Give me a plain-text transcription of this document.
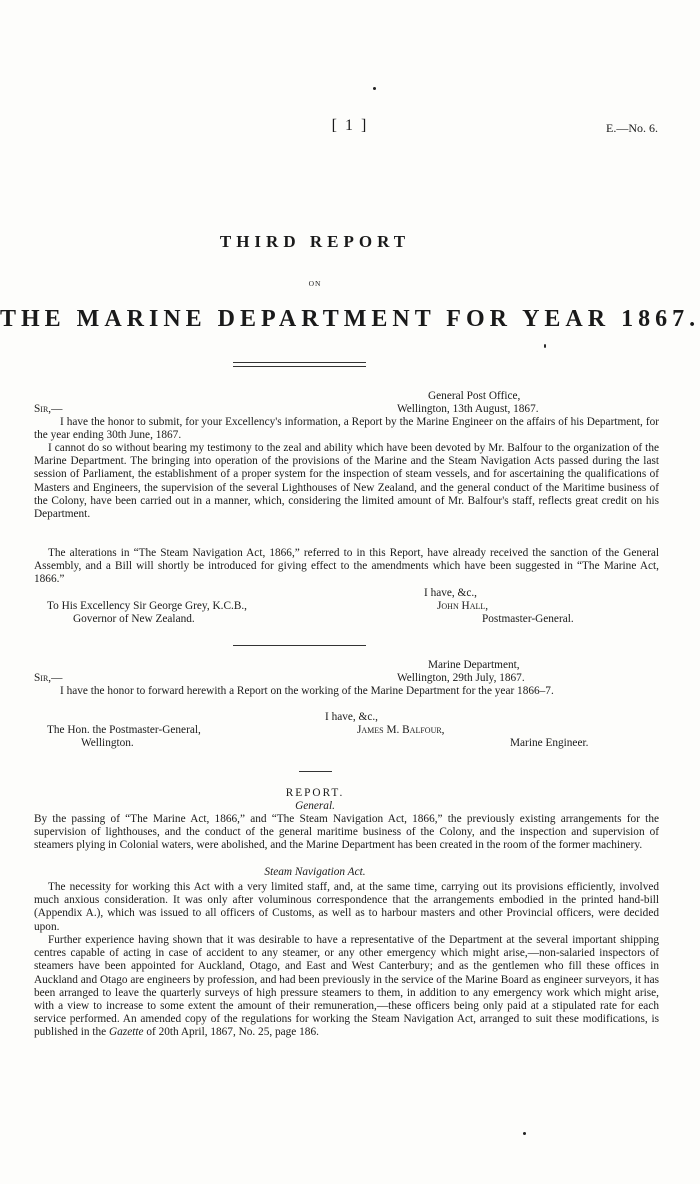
[ 1 ]	E.—No. 6.
THIRD REPORT
ON
THE MARINE DEPARTMENT FOR YEAR 1867.
General Post Office,
Sir,—	Wellington, 13th August, 1867.
I have the honor to submit, for your Excellency's information, a Report by the Marine Engineer on the affairs of his Department, for the year ending 30th June, 1867.
I cannot do so without bearing my testimony to the zeal and ability which have been devoted by Mr. Balfour to the organization of the Marine Department. The bringing into operation of the provisions of the Marine and the Steam Navigation Acts passed during the last session of Parliament, the establishment of a proper system for the inspection of steam vessels, and for ascertaining the qualifications of Masters and Engineers, the supervision of the several Lighthouses of New Zealand, and the general conduct of the Maritime business of the Colony, have been carried out in a manner, which, considering the limited amount of Mr. Balfour's staff, reflects great credit on his Department.
The alterations in “The Steam Navigation Act, 1866,” referred to in this Report, have already received the sanction of the General Assembly, and a Bill will shortly be introduced for giving effect to the amendments which have been suggested in “The Marine Act, 1866.”
I have, &c.,
To His Excellency Sir George Grey, K.C.B.,	John Hall,
Governor of New Zealand.	Postmaster-General.
Marine Department,
Sir,—	Wellington, 29th July, 1867.
I have the honor to forward herewith a Report on the working of the Marine Department for the year 1866–7.
I have, &c.,
The Hon. the Postmaster-General,	James M. Balfour,
Wellington.	Marine Engineer.
REPORT.
General.
By the passing of “The Marine Act, 1866,” and “The Steam Navigation Act, 1866,” the previously existing arrangements for the supervision of lighthouses, and the conduct of the general maritime business of the Colony, and the inspection and supervision of steamers plying in Colonial waters, were abolished, and the Marine Department has been created in the room of the former machinery.
Steam Navigation Act.
The necessity for working this Act with a very limited staff, and, at the same time, carrying out its provisions efficiently, involved much anxious consideration. It was only after voluminous correspondence that the arrangements embodied in the printed hand-bill (Appendix A.), which was issued to all officers of Customs, as well as to harbour masters and other Provincial officers, were decided upon.
Further experience having shown that it was desirable to have a representative of the Department at the several important shipping centres capable of acting in case of accident to any steamer, or any other emergency which might arise,—non-salaried inspectors of steamers have been appointed for Auckland, Otago, and East and West Canterbury; and as the gentlemen who fill these offices in Auckland and Otago are engineers by profession, and had been previously in the service of the Marine Board as engineer surveyors, it has been arranged to leave the quarterly surveys of high pressure steamers to them, in addition to any emergency work which might arise, with a view to increase to some extent the amount of their remuneration,—these officers being only paid at a stipulated rate for each service performed. An amended copy of the regulations for working the Steam Navigation Act, arranged to suit these modifications, is published in the Gazette of 20th April, 1867, No. 25, page 186.
